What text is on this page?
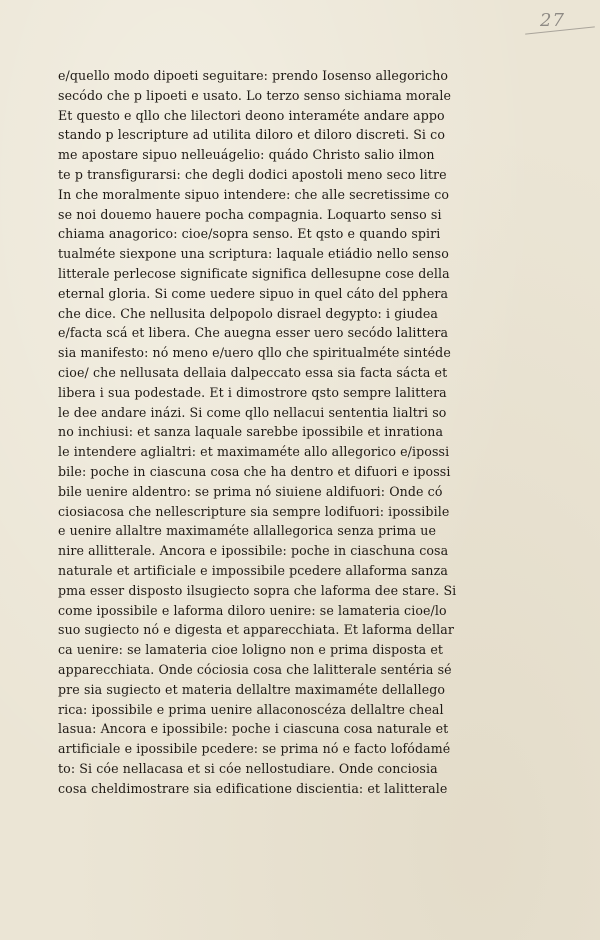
27
e/quello modo dipoeti seguitare: prendo Iosenso allegoricho
secódo che p lipoeti e usato. Lo terzo senso sichiama morale
Et questo e qllo che lilectori deono interaméte andare appo
stando p lescripture ad utilita diloro et diloro discreti. Si co
me apostare sipuo nelleuágelio: quádo Christo salio ilmon
te p transfigurarsi: che degli dodici apostoli meno seco litre
In che moralmente sipuo intendere: che alle secretissime co
se noi douemo hauere pocha compagnia. Loquarto senso si
chiama anagorico: cioe/sopra senso. Et qsto e quando spiri
tualméte siexpone una scriptura: laquale etiádio nello senso
litterale perlecose significate significa dellesupne cose della
eternal gloria. Si come uedere sipuo in quel cáto del pphera
che dice. Che nellusita delpopolo disrael degypto: i giudea
e/facta scá et libera. Che auegna esser uero secódo lalittera
sia manifesto: nó meno e/uero qllo che spiritualméte sintéde
cioe/ che nellusata dellaia dalpeccato essa sia facta sácta et
libera i sua podestade. Et i dimostrore qsto sempre lalittera
le dee andare inázi. Si come qllo nellacui sententia lialtri so
no inchiusi: et sanza laquale sarebbe ipossibile et inrationa
le intendere aglialtri: et maximaméte allo allegorico e/ipossi
bile: poche in ciascuna cosa che ha dentro et difuori e ipossi
bile uenire aldentro: se prima nó siuiene aldifuori: Onde có
ciosiacosa che nellescripture sia sempre lodifuori: ipossibile
e uenire allaltre maximaméte allallegorica senza prima ue
nire allitterale. Ancora e ipossibile: poche in ciaschuna cosa
naturale et artificiale e impossibile pcedere allaforma sanza
pma esser disposto ilsugiecto sopra che laforma dee stare. Si
come ipossibile e laforma diloro uenire: se lamateria cioe/lo
suo sugiecto nó e digesta et apparecchiata. Et laforma dellar
ca uenire: se lamateria cioe loligno non e prima disposta et
apparecchiata. Onde cóciosia cosa che lalitterale sentéria sé
pre sia sugiecto et materia dellaltre maximaméte dellallego
rica: ipossibile e prima uenire allaconoscéza dellaltre cheal
lasua: Ancora e ipossibile: poche i ciascuna cosa naturale et
artificiale e ipossibile pcedere: se prima nó e facto lofódamé
to: Si cóe nellacasa et si cóe nellostudiare. Onde conciosia
cosa cheldimostrare sia edificatione discientia: et lalitterale
